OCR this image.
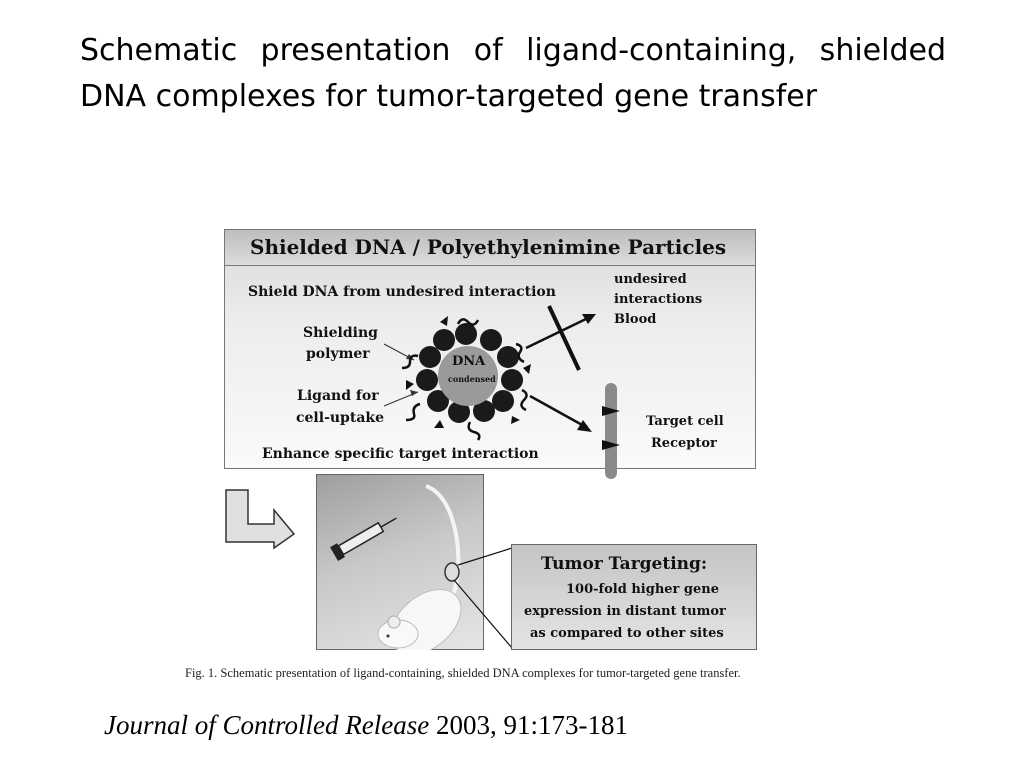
Schematic presentation of ligand-containing, shielded DNA complexes for tumor-targeted gene transfer

Shielded DNA / Polyethylenimine Particles
Shield DNA from undesired interaction
Shielding
polymer
Ligand for
cell-uptake
undesired
interactions
Blood
Target cell
Receptor
Enhance specific target interaction
DNA
condensed
Tumor Targeting:
100-fold higher gene
expression in distant tumor
as compared to other sites
Fig. 1. Schematic presentation of ligand-containing, shielded DNA complexes for tumor-targeted gene transfer.
Journal of Controlled Release 2003, 91:173-181
